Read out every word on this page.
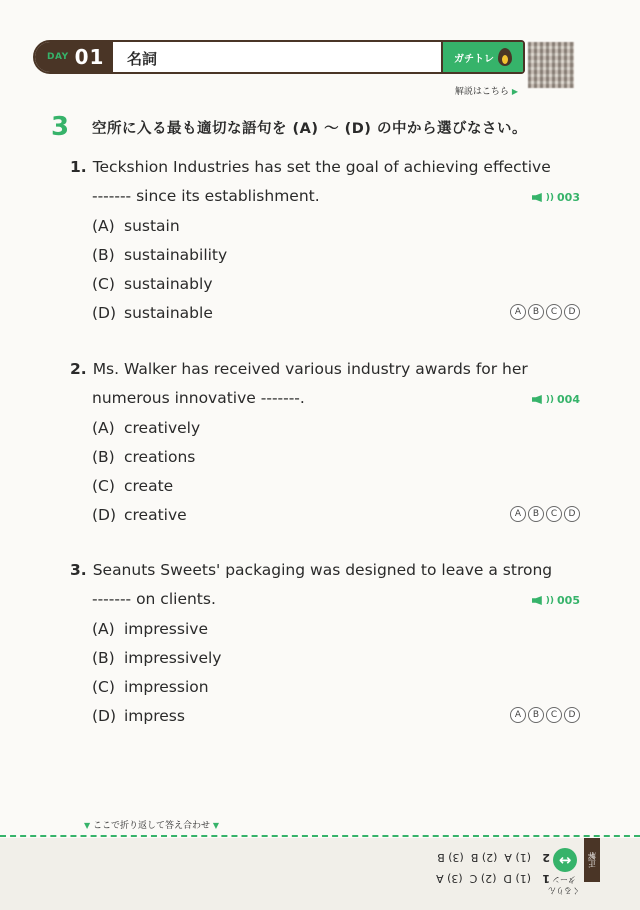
DAY 01 名詞	ガチトレ
解説はこちら ▶
3 空所に入る最も適切な語句を (A) ～ (D) の中から選びなさい。
1. Teckshion Industries has set the goal of achieving effective
------- since its establishment.	)) 003
(A) sustain
(B) sustainability
(C) sustainably
(D) sustainable	A	B	C	D
2. Ms. Walker has received various industry awards for her
numerous innovative -------.	)) 004
(A) creatively
(B) creations
(C) create
(D) creative	A	B	C	D
3. Seanuts Sweets' packaging was designed to leave a strong
------- on clients.	)) 005
(A) impressive
(B) impressively
(C) impression
(D) impress	A	B	C	D
▼ ここで折り返して答え合わせ ▼
1
(1) D
(2) C
(3) A
2
(1) A
(2) B
(3) B	↔
くるりんターン
正解
